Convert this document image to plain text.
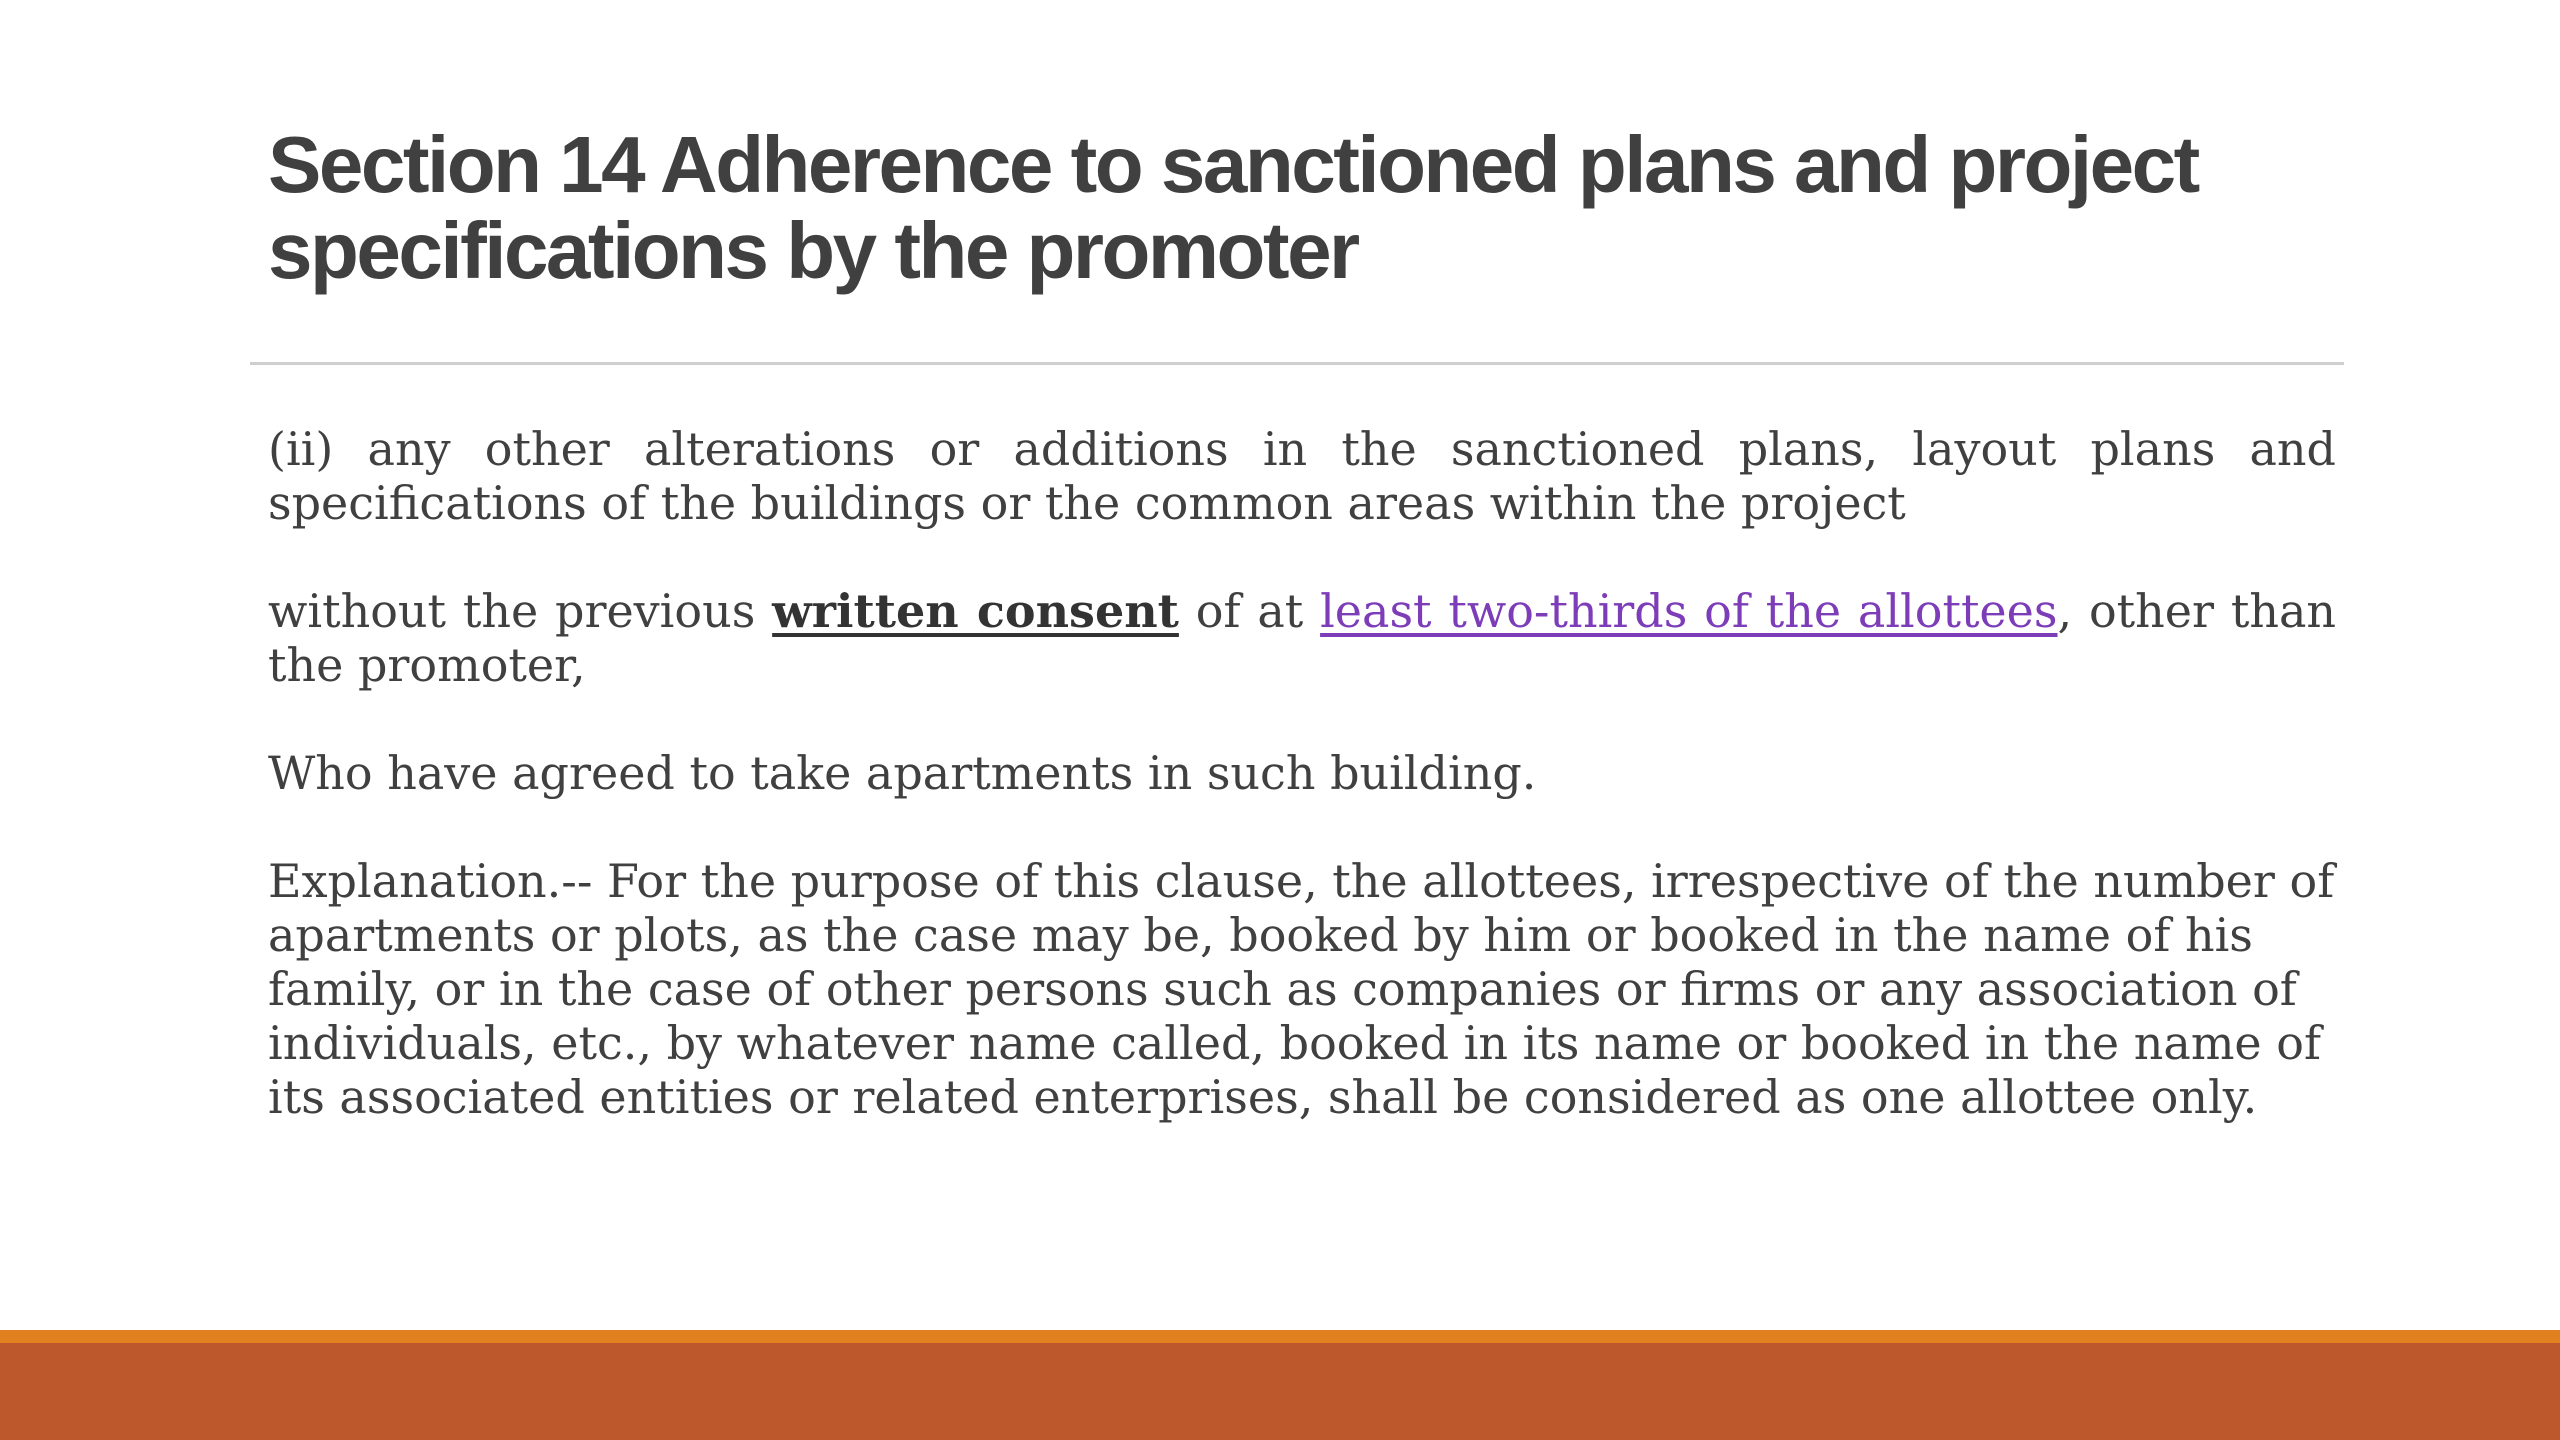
Section 14 Adherence to sanctioned plans and project specifications by the promoter

(ii) any other alterations or additions in the sanctioned plans, layout plans and specifications of the buildings or the common areas within the project

without the previous written consent of at least two-thirds of the allottees, other than the promoter,

Who have agreed to take apartments in such building.

Explanation.-- For the purpose of this clause, the allottees, irrespective of the number of apartments or plots, as the case may be, booked by him or booked in the name of his family, or in the case of other persons such as companies or firms or any association of individuals, etc., by whatever name called, booked in its name or booked in the name of its associated entities or related enterprises, shall be considered as one allottee only.
